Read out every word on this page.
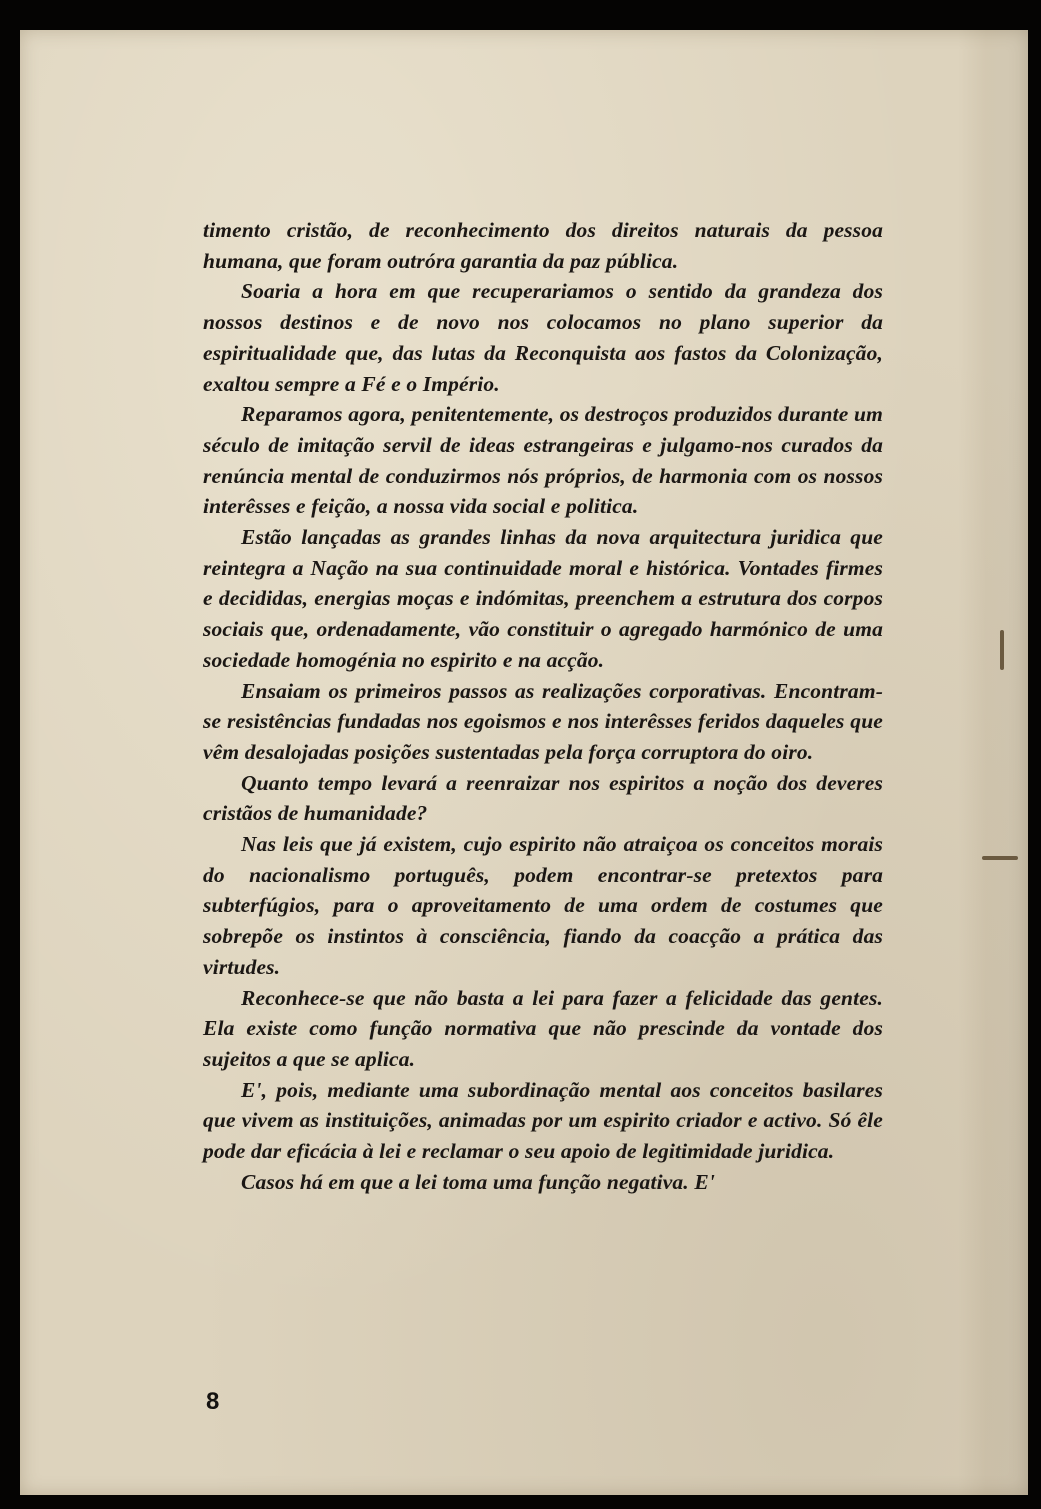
timento cristão, de reconhecimento dos direitos naturais da pessoa humana, que foram outróra garantia da paz pública.

Soaria a hora em que recuperariamos o sentido da grandeza dos nossos destinos e de novo nos colocamos no plano superior da espiritualidade que, das lutas da Reconquista aos fastos da Colonização, exaltou sempre a Fé e o Império.

Reparamos agora, penitentemente, os destroços produzidos durante um século de imitação servil de ideas estrangeiras e julgamo-nos curados da renúncia mental de conduzirmos nós próprios, de harmonia com os nossos interêsses e feição, a nossa vida social e politica.

Estão lançadas as grandes linhas da nova arquitectura juridica que reintegra a Nação na sua continuidade moral e histórica. Vontades firmes e decididas, energias moças e indómitas, preenchem a estrutura dos corpos sociais que, ordenadamente, vão constituir o agregado harmónico de uma sociedade homogénia no espirito e na acção.

Ensaiam os primeiros passos as realizações corporativas. Encontram-se resistências fundadas nos egoismos e nos interêsses feridos daqueles que vêm desalojadas posições sustentadas pela força corruptora do oiro.

Quanto tempo levará a reenraizar nos espiritos a noção dos deveres cristãos de humanidade?

Nas leis que já existem, cujo espirito não atraiçoa os conceitos morais do nacionalismo português, podem encontrar-se pretextos para subterfúgios, para o aproveitamento de uma ordem de costumes que sobrepõe os instintos à consciência, fiando da coacção a prática das virtudes.

Reconhece-se que não basta a lei para fazer a felicidade das gentes. Ela existe como função normativa que não prescinde da vontade dos sujeitos a que se aplica.

E', pois, mediante uma subordinação mental aos conceitos basilares que vivem as instituições, animadas por um espirito criador e activo. Só êle pode dar eficácia à lei e reclamar o seu apoio de legitimidade juridica.

Casos há em que a lei toma uma função negativa. E'

8
